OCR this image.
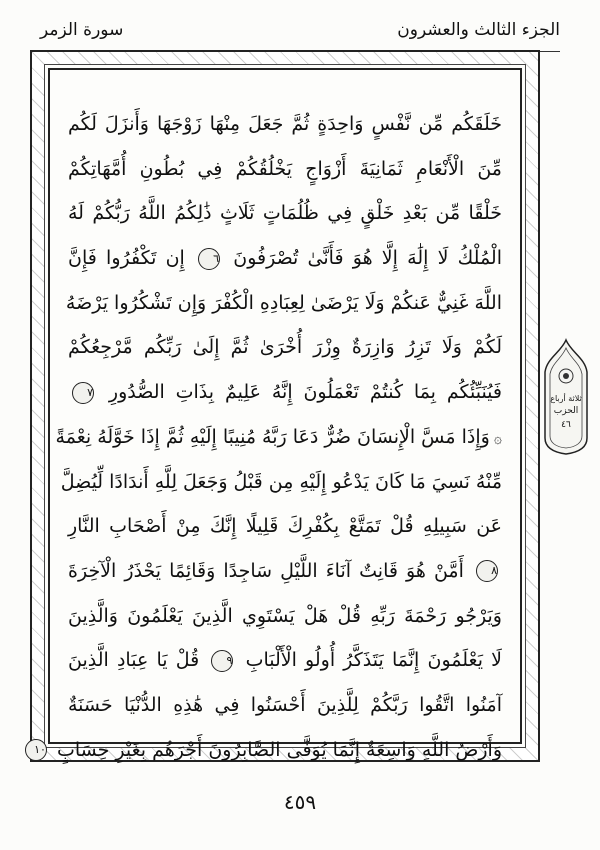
الجزء الثالث والعشرون
سورة الزمر
خَلَقَكُم مِّن نَّفْسٍ وَاحِدَةٍ ثُمَّ جَعَلَ مِنْهَا زَوْجَهَا وَأَنزَلَ لَكُم
مِّنَ الْأَنْعَامِ ثَمَانِيَةَ أَزْوَاجٍ يَخْلُقُكُمْ فِي بُطُونِ أُمَّهَاتِكُمْ
خَلْقًا مِّن بَعْدِ خَلْقٍ فِي ظُلُمَاتٍ ثَلَاثٍ ذَٰلِكُمُ اللَّهُ رَبُّكُمْ لَهُ
الْمُلْكُ لَا إِلَٰهَ إِلَّا هُوَ فَأَنَّىٰ تُصْرَفُونَ ٦ إِن تَكْفُرُوا فَإِنَّ
اللَّهَ غَنِيٌّ عَنكُمْ وَلَا يَرْضَىٰ لِعِبَادِهِ الْكُفْرَ وَإِن تَشْكُرُوا يَرْضَهُ
لَكُمْ وَلَا تَزِرُ وَازِرَةٌ وِزْرَ أُخْرَىٰ ثُمَّ إِلَىٰ رَبِّكُم مَّرْجِعُكُمْ
فَيُنَبِّئُكُم بِمَا كُنتُمْ تَعْمَلُونَ إِنَّهُ عَلِيمٌ بِذَاتِ الصُّدُورِ ٧
۞وَإِذَا مَسَّ الْإِنسَانَ ضُرٌّ دَعَا رَبَّهُ مُنِيبًا إِلَيْهِ ثُمَّ إِذَا خَوَّلَهُ نِعْمَةً
مِّنْهُ نَسِيَ مَا كَانَ يَدْعُو إِلَيْهِ مِن قَبْلُ وَجَعَلَ لِلَّهِ أَندَادًا لِّيُضِلَّ
عَن سَبِيلِهِ قُلْ تَمَتَّعْ بِكُفْرِكَ قَلِيلًا إِنَّكَ مِنْ أَصْحَابِ النَّارِ
٨ أَمَّنْ هُوَ قَانِتٌ آنَاءَ اللَّيْلِ سَاجِدًا وَقَائِمًا يَحْذَرُ الْآخِرَةَ
وَيَرْجُو رَحْمَةَ رَبِّهِ قُلْ هَلْ يَسْتَوِي الَّذِينَ يَعْلَمُونَ وَالَّذِينَ
لَا يَعْلَمُونَ إِنَّمَا يَتَذَكَّرُ أُولُو الْأَلْبَابِ ٩ قُلْ يَا عِبَادِ الَّذِينَ
آمَنُوا اتَّقُوا رَبَّكُمْ لِلَّذِينَ أَحْسَنُوا فِي هَٰذِهِ الدُّنْيَا حَسَنَةٌ
وَأَرْضُ اللَّهِ وَاسِعَةٌ إِنَّمَا يُوَفَّى الصَّابِرُونَ أَجْرَهُم بِغَيْرِ حِسَابٍ ١٠
ثلاثة أرباع
الحزب
٤٦
٤٥٩
